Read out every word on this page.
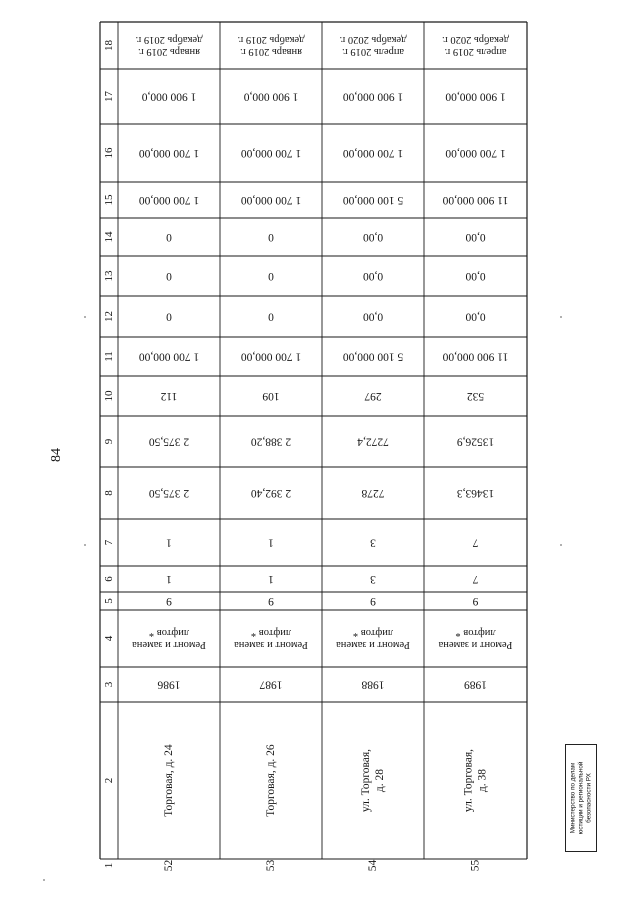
84
1
2
3
4
5
6
7
8
9
10
11
12
13
14
15
16
17
18
52
Торговая, д. 24
1986
Ремонт и замена
лифтов *
9
1
1
2 375,50
2 375,50
112
1 700 000,00
0
0
0
1 700 000,00
1 700 000,00
1 900 000,0
январь 2019 г.
декабрь 2019 г.
53
Торговая, д. 26
1987
Ремонт и замена
лифтов *
9
1
1
2 392,40
2 388,20
109
1 700 000,00
0
0
0
1 700 000,00
1 700 000,00
1 900 000,0
январь 2019 г.
декабрь 2019 г.
54
ул. Торговая, д. 28
1988
Ремонт и замена
лифтов *
9
3
3
7278
7272,4
297
5 100 000,00
0,00
0,00
0,00
5 100 000,00
1 700 000,00
1 900 000,00
апрель 2019 г.
декабрь 2020 г.
55
ул. Торговая, д. 38
1989
Ремонт и замена
лифтов *
9
7
7
13463,3
13526,9
532
11 900 000,00
0,00
0,00
0,00
11 900 000,00
1 700 000,00
1 900 000,00
апрель 2019 г.
декабрь 2020 г.
Министерство по делам юстиции и региональной безопасности РХ
